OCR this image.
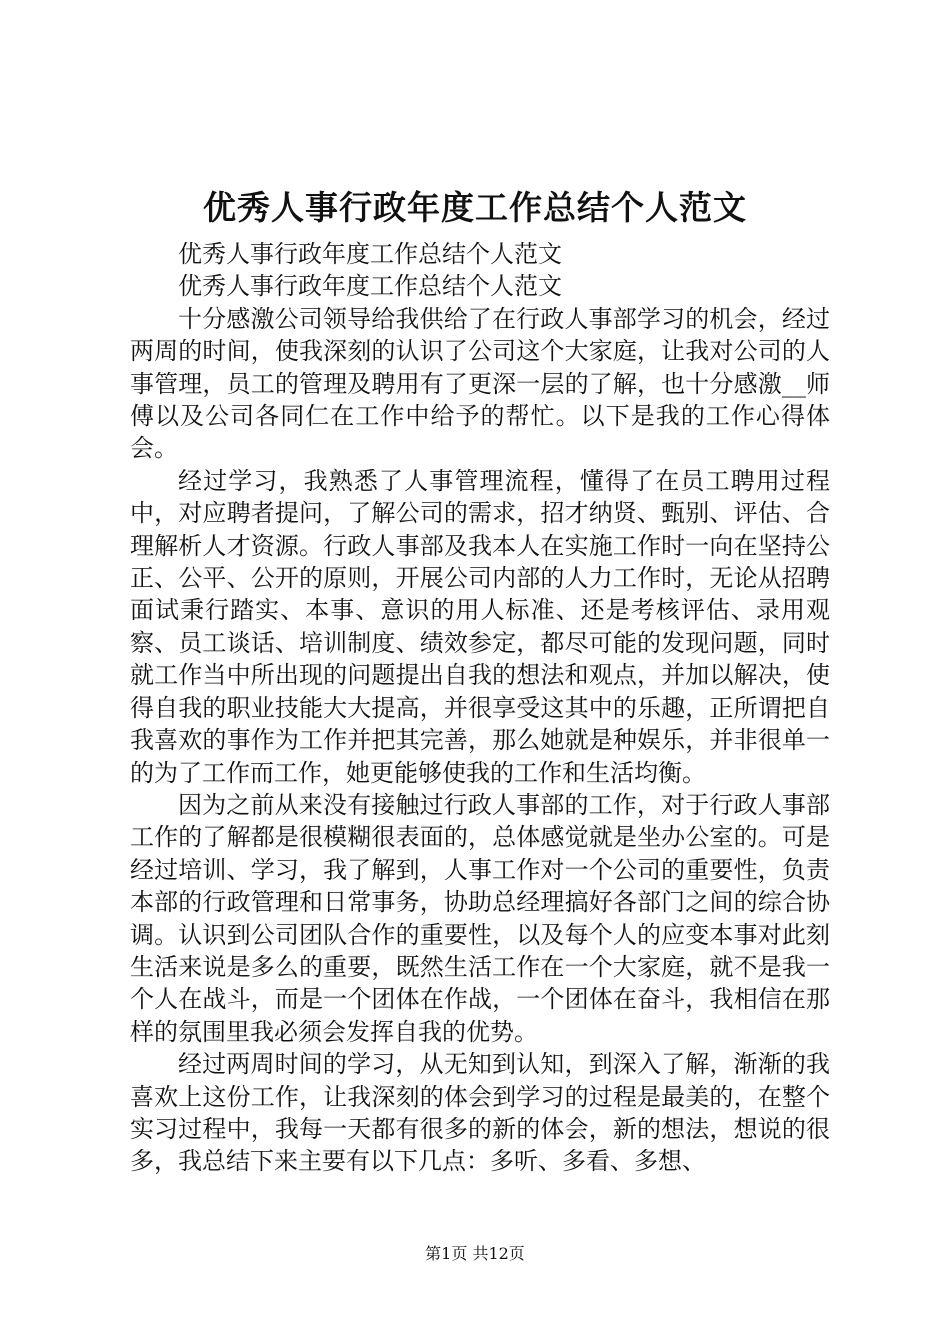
优秀人事行政年度工作总结个人范文

优秀人事行政年度工作总结个人范文

优秀人事行政年度工作总结个人范文

十分感激公司领导给我供给了在行政人事部学习的机会，经过两周的时间，使我深刻的认识了公司这个大家庭，让我对公司的人事管理，员工的管理及聘用有了更深一层的了解，也十分感激__师傅以及公司各同仁在工作中给予的帮忙。以下是我的工作心得体会。

经过学习，我熟悉了人事管理流程，懂得了在员工聘用过程中，对应聘者提问，了解公司的需求，招才纳贤、甄别、评估、合理解析人才资源。行政人事部及我本人在实施工作时一向在坚持公正、公平、公开的原则，开展公司内部的人力工作时，无论从招聘面试秉行踏实、本事、意识的用人标准、还是考核评估、录用观察、员工谈话、培训制度、绩效参定，都尽可能的发现问题，同时就工作当中所出现的问题提出自我的想法和观点，并加以解决，使得自我的职业技能大大提高，并很享受这其中的乐趣，正所谓把自我喜欢的事作为工作并把其完善，那么她就是种娱乐，并非很单一的为了工作而工作，她更能够使我的工作和生活均衡。

因为之前从来没有接触过行政人事部的工作，对于行政人事部工作的了解都是很模糊很表面的，总体感觉就是坐办公室的。可是经过培训、学习，我了解到，人事工作对一个公司的重要性，负责本部的行政管理和日常事务，协助总经理搞好各部门之间的综合协调。认识到公司团队合作的重要性，以及每个人的应变本事对此刻生活来说是多么的重要，既然生活工作在一个大家庭，就不是我一个人在战斗，而是一个团体在作战，一个团体在奋斗，我相信在那样的氛围里我必须会发挥自我的优势。

经过两周时间的学习，从无知到认知，到深入了解，渐渐的我喜欢上这份工作，让我深刻的体会到学习的过程是最美的，在整个实习过程中，我每一天都有很多的新的体会，新的想法，想说的很多，我总结下来主要有以下几点：多听、多看、多想、

第1页 共12页
